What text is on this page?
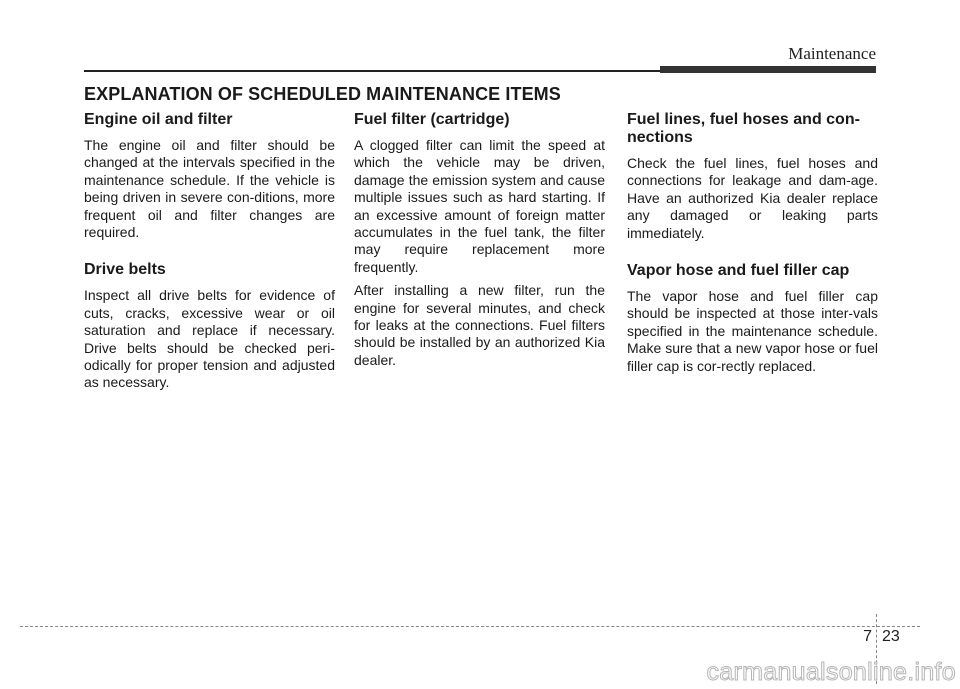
Maintenance

EXPLANATION OF SCHEDULED MAINTENANCE ITEMS
Engine oil and filter

The engine oil and filter should be changed at the intervals specified in the maintenance schedule. If the vehicle is being driven in severe con-ditions, more frequent oil and filter changes are required.

Drive belts

Inspect all drive belts for evidence of cuts, cracks, excessive wear or oil saturation and replace if necessary. Drive belts should be checked peri-odically for proper tension and adjusted as necessary.

Fuel filter (cartridge)

A clogged filter can limit the speed at which the vehicle may be driven, damage the emission system and cause multiple issues such as hard starting. If an excessive amount of foreign matter accumulates in the fuel tank, the filter may require replacement more frequently.

After installing a new filter, run the engine for several minutes, and check for leaks at the connections. Fuel filters should be installed by an authorized Kia dealer.

Fuel lines, fuel hoses and con-nections

Check the fuel lines, fuel hoses and connections for leakage and dam-age. Have an authorized Kia dealer replace any damaged or leaking parts immediately.

Vapor hose and fuel filler cap

The vapor hose and fuel filler cap should be inspected at those inter-vals specified in the maintenance schedule. Make sure that a new vapor hose or fuel filler cap is cor-rectly replaced.

7 23

carmanualsonline.info
